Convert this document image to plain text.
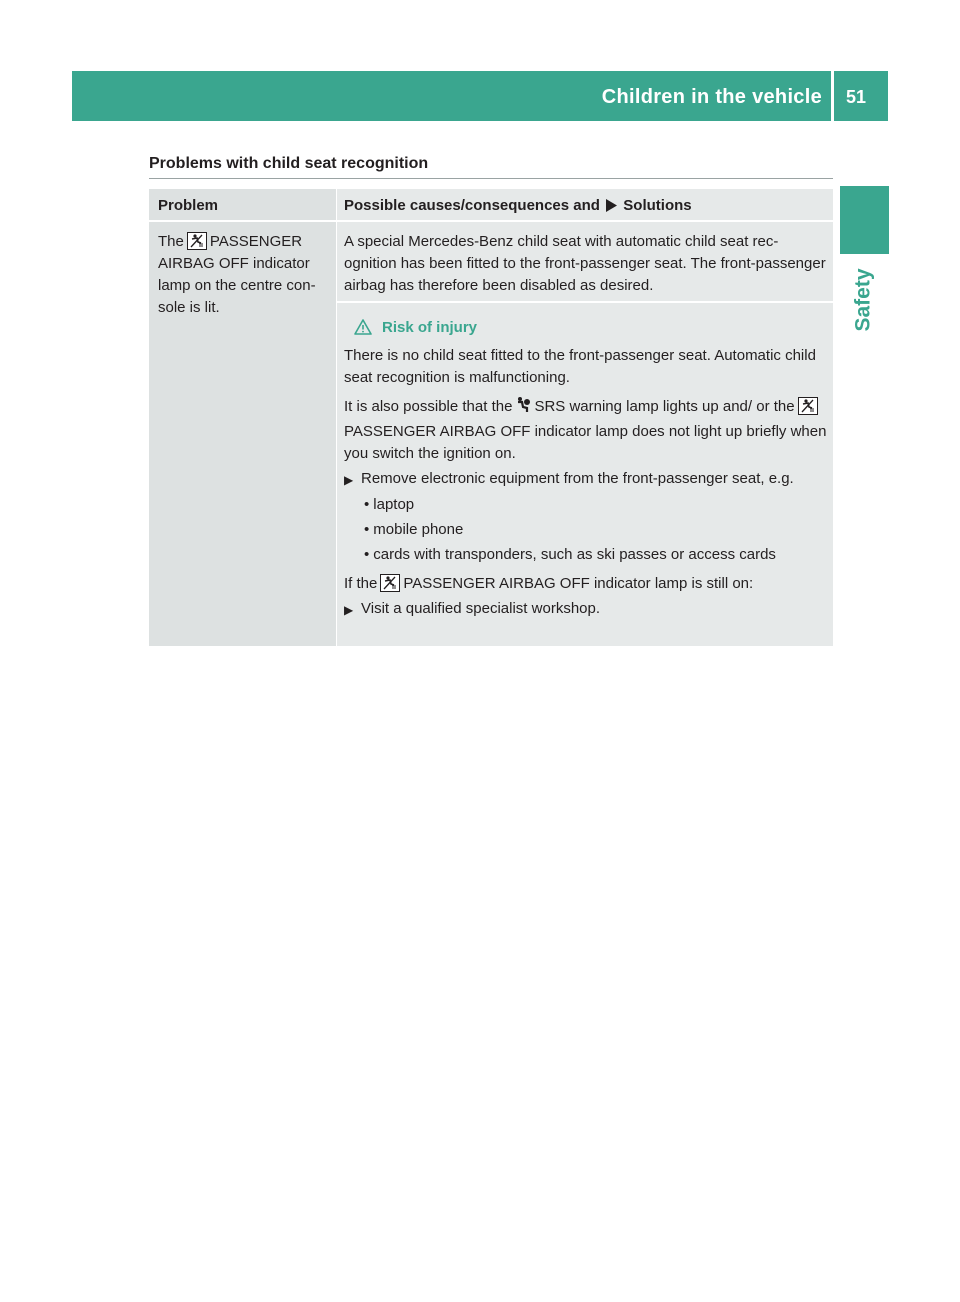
Children in the vehicle 51
Safety
Problems with child seat recognition
Problem	Possible causes/consequences and Solutions
The PASSENGER AIRBAG OFF indicator lamp on the centre con-sole is lit.
A special Mercedes-Benz child seat with automatic child seat rec-ognition has been fitted to the front-passenger seat. The front-passenger airbag has therefore been disabled as desired.
Risk of injury
There is no child seat fitted to the front-passenger seat. Automatic child seat recognition is malfunctioning.
It is also possible that the SRS warning lamp lights up and/ or thePASSENGER AIRBAG OFF indicator lamp does not light up briefly when you switch the ignition on.
▶ Remove electronic equipment from the front-passenger seat, e.g.
• laptop
• mobile phone
• cards with transponders, such as ski passes or access cards
If the PASSENGER AIRBAG OFF indicator lamp is still on:
▶ Visit a qualified specialist workshop.
